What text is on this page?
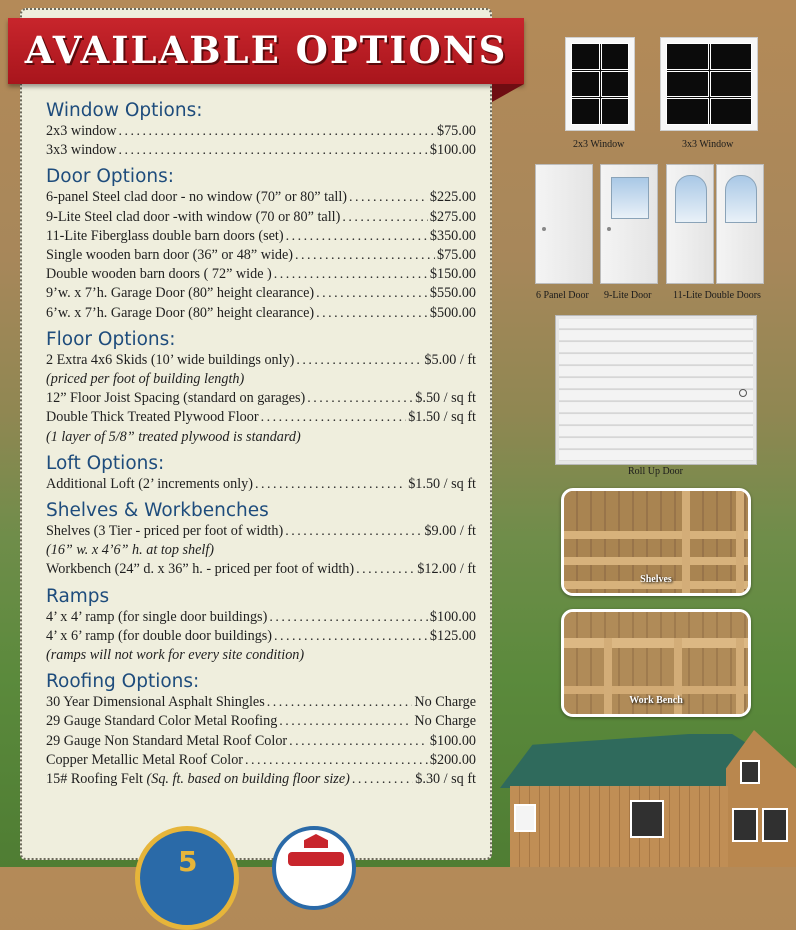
AVAILABLE OPTIONS
Window Options:
2x3 window . . .	$75.00
3x3 window . . .	$100.00
Door Options:
6-panel Steel clad door - no window (70” or 80” tall) . . .	$225.00
9-Lite Steel clad door -with window (70 or 80” tall) . . .	$275.00
11-Lite Fiberglass double barn doors (set) . . .	$350.00
Single wooden barn door (36” or 48” wide) . . .	$75.00
Double wooden barn doors ( 72” wide ) . . .	$150.00
9’w. x 7’h. Garage Door (80” height clearance) . . .	$550.00
6’w. x 7’h. Garage Door (80” height clearance) . . .	$500.00
Floor Options:
2 Extra 4x6 Skids (10’ wide buildings only) . . .	$5.00 / ft
(priced per foot of building length)
12” Floor Joist Spacing (standard on garages) . . .	$.50 / sq ft
Double Thick Treated Plywood Floor . . .	$1.50 / sq ft
(1 layer of 5/8” treated plywood is standard)
Loft Options:
Additional Loft (2’ increments only) . . .	$1.50 / sq ft
Shelves & Workbenches
Shelves (3 Tier - priced per foot of width) . . .	$9.00 / ft
(16” w. x 4’6” h. at top shelf)
Workbench (24” d. x 36” h. - priced per foot of width) . . .	$12.00 / ft
Ramps
4’ x 4’ ramp (for single door buildings) . . .	$100.00
4’ x 6’ ramp (for double door buildings) . . .	$125.00
(ramps will not work for every site condition)
Roofing Options:
30 Year Dimensional Asphalt Shingles . . .	No Charge
29 Gauge Standard Color Metal Roofing . . .	No Charge
29 Gauge Non Standard Metal Roof Color . . .	$100.00
Copper Metallic Metal Roof Color . . .	$200.00
15# Roofing Felt (Sq. ft. based on building floor size) . . .	$.30 / sq ft
2x3 Window	3x3 Window
6 Panel Door 9-Lite Door 11-Lite Double Doors
Roll Up Door
Shelves
Work Bench
5
